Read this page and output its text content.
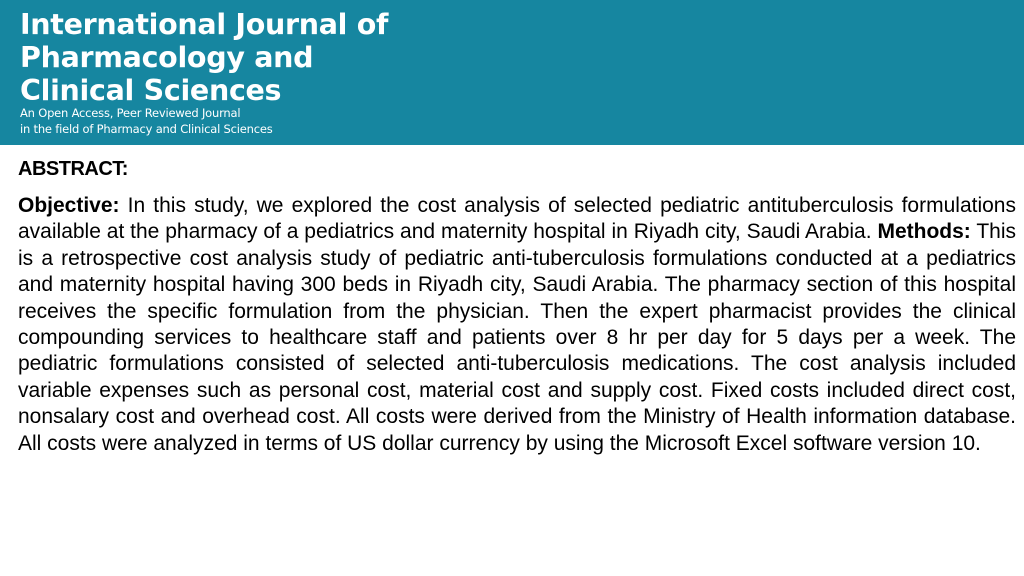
International Journal of
Pharmacology and
Clinical Sciences

An Open Access, Peer Reviewed Journal
in the field of Pharmacy and Clinical Sciences

ABSTRACT:

Objective: In this study, we explored the cost analysis of selected pediatric antituberculosis formulations available at the pharmacy of a pediatrics and maternity hospital in Riyadh city, Saudi Arabia. Methods: This is a retrospective cost analysis study of pediatric anti-tuberculosis formulations conducted at a pediatrics and maternity hospital having 300 beds in Riyadh city, Saudi Arabia. The pharmacy section of this hospital receives the specific formulation from the physician. Then the expert pharmacist provides the clinical compounding services to healthcare staff and patients over 8 hr per day for 5 days per a week. The pediatric formulations consisted of selected anti-tuberculosis medications. The cost analysis included variable expenses such as personal cost, material cost and supply cost. Fixed costs included direct cost, nonsalary cost and overhead cost. All costs were derived from the Ministry of Health information database. All costs were analyzed in terms of US dollar currency by using the Microsoft Excel software version 10.
